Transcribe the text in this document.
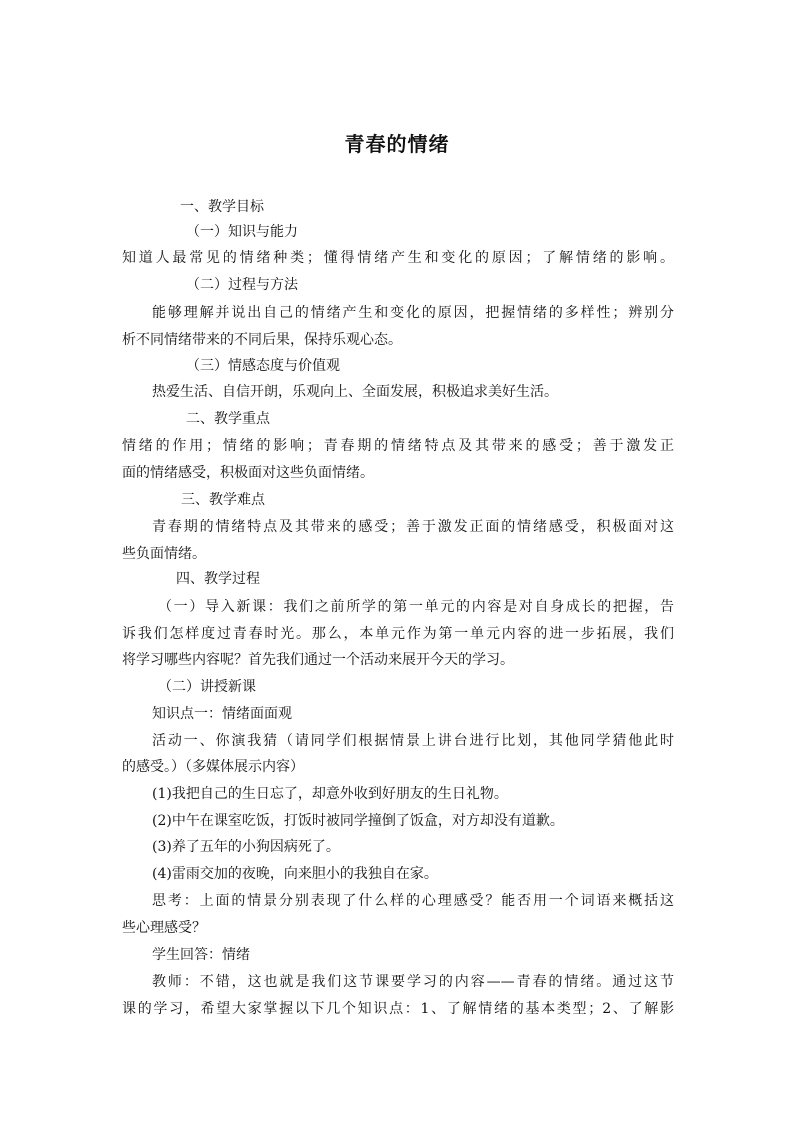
青春的情绪
一、教学目标
（一）知识与能力
知道人最常见的情绪种类；懂得情绪产生和变化的原因；了解情绪的影响。
（二）过程与方法
能够理解并说出自己的情绪产生和变化的原因，把握情绪的多样性；辨别分
析不同情绪带来的不同后果，保持乐观心态。
（三）情感态度与价值观
热爱生活、自信开朗，乐观向上、全面发展，积极追求美好生活。
二、教学重点
情绪的作用；情绪的影响；青春期的情绪特点及其带来的感受；善于激发正
面的情绪感受，积极面对这些负面情绪。
三、教学难点
青春期的情绪特点及其带来的感受；善于激发正面的情绪感受，积极面对这
些负面情绪。
四、教学过程
（一）导入新课：我们之前所学的第一单元的内容是对自身成长的把握，告
诉我们怎样度过青春时光。那么，本单元作为第一单元内容的进一步拓展，我们
将学习哪些内容呢？首先我们通过一个活动来展开今天的学习。
（二）讲授新课
知识点一：情绪面面观
活动一、你演我猜（请同学们根据情景上讲台进行比划，其他同学猜他此时
的感受。）（多媒体展示内容）
(1)我把自己的生日忘了，却意外收到好朋友的生日礼物。
(2)中午在课室吃饭，打饭时被同学撞倒了饭盒，对方却没有道歉。
(3)养了五年的小狗因病死了。
(4)雷雨交加的夜晚，向来胆小的我独自在家。
思考：上面的情景分别表现了什么样的心理感受？能否用一个词语来概括这
些心理感受？
学生回答：情绪
教师：不错，这也就是我们这节课要学习的内容——青春的情绪。通过这节
课的学习，希望大家掌握以下几个知识点：1、了解情绪的基本类型；2、了解影
